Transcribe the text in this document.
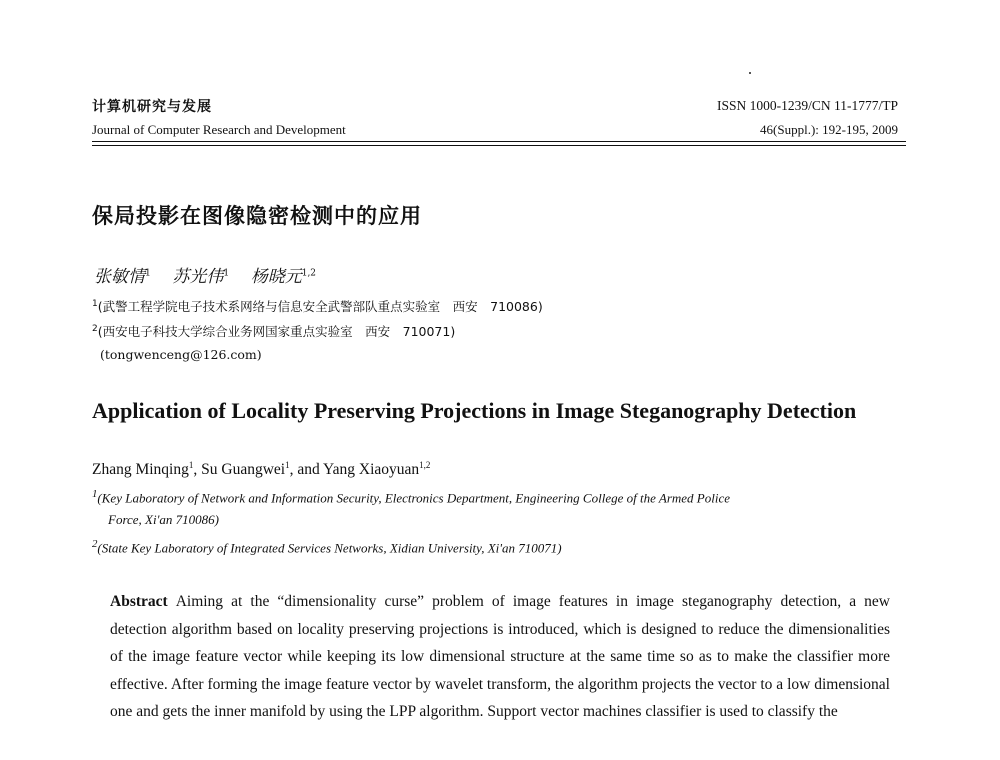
计算机研究与发展
Journal of Computer Research and Development
ISSN 1000-1239/CN 11-1777/TP
46(Suppl.): 192-195, 2009
保局投影在图像隐密检测中的应用
张敏情$^1$ 苏光伟$^1$ 杨晓元$^{1,2}$
$^1$(武警工程学院电子技术系网络与信息安全武警部队重点实验室　西安　710086)
$^2$(西安电子科技大学综合业务网国家重点实验室　西安　710071)
(tongwenceng@126.com)
Application of Locality Preserving Projections in Image Steganography Detection
Zhang Minqing$^1$, Su Guangwei$^1$, and Yang Xiaoyuan$^{1,2}$
$^1$(Key Laboratory of Network and Information Security, Electronics Department, Engineering College of the Armed Police
Force, Xi'an 710086)
$^2$(State Key Laboratory of Integrated Services Networks, Xidian University, Xi'an 710071)
Abstract Aiming at the “dimensionality curse” problem of image features in image steganography detection, a new detection algorithm based on locality preserving projections is introduced, which is designed to reduce the dimensionalities of the image feature vector while keeping its low dimensional structure at the same time so as to make the classifier more effective. After forming the image feature vector by wavelet transform, the algorithm projects the vector to a low dimensional one and gets the inner manifold by using the LPP algorithm. Support vector machines classifier is used to classify the
